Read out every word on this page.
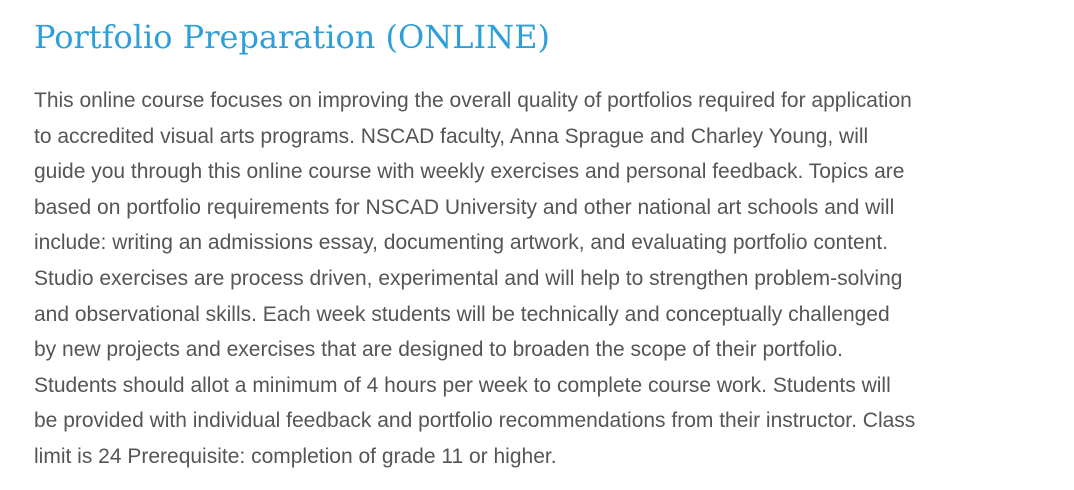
Portfolio Preparation (ONLINE)
This online course focuses on improving the overall quality of portfolios required for application
to accredited visual arts programs. NSCAD faculty, Anna Sprague and Charley Young, will
guide you through this online course with weekly exercises and personal feedback. Topics are
based on portfolio requirements for NSCAD University and other national art schools and will
include: writing an admissions essay, documenting artwork, and evaluating portfolio content.
Studio exercises are process driven, experimental and will help to strengthen problem-solving
and observational skills. Each week students will be technically and conceptually challenged
by new projects and exercises that are designed to broaden the scope of their portfolio.
Students should allot a minimum of 4 hours per week to complete course work. Students will
be provided with individual feedback and portfolio recommendations from their instructor. Class
limit is 24 Prerequisite: completion of grade 11 or higher.
